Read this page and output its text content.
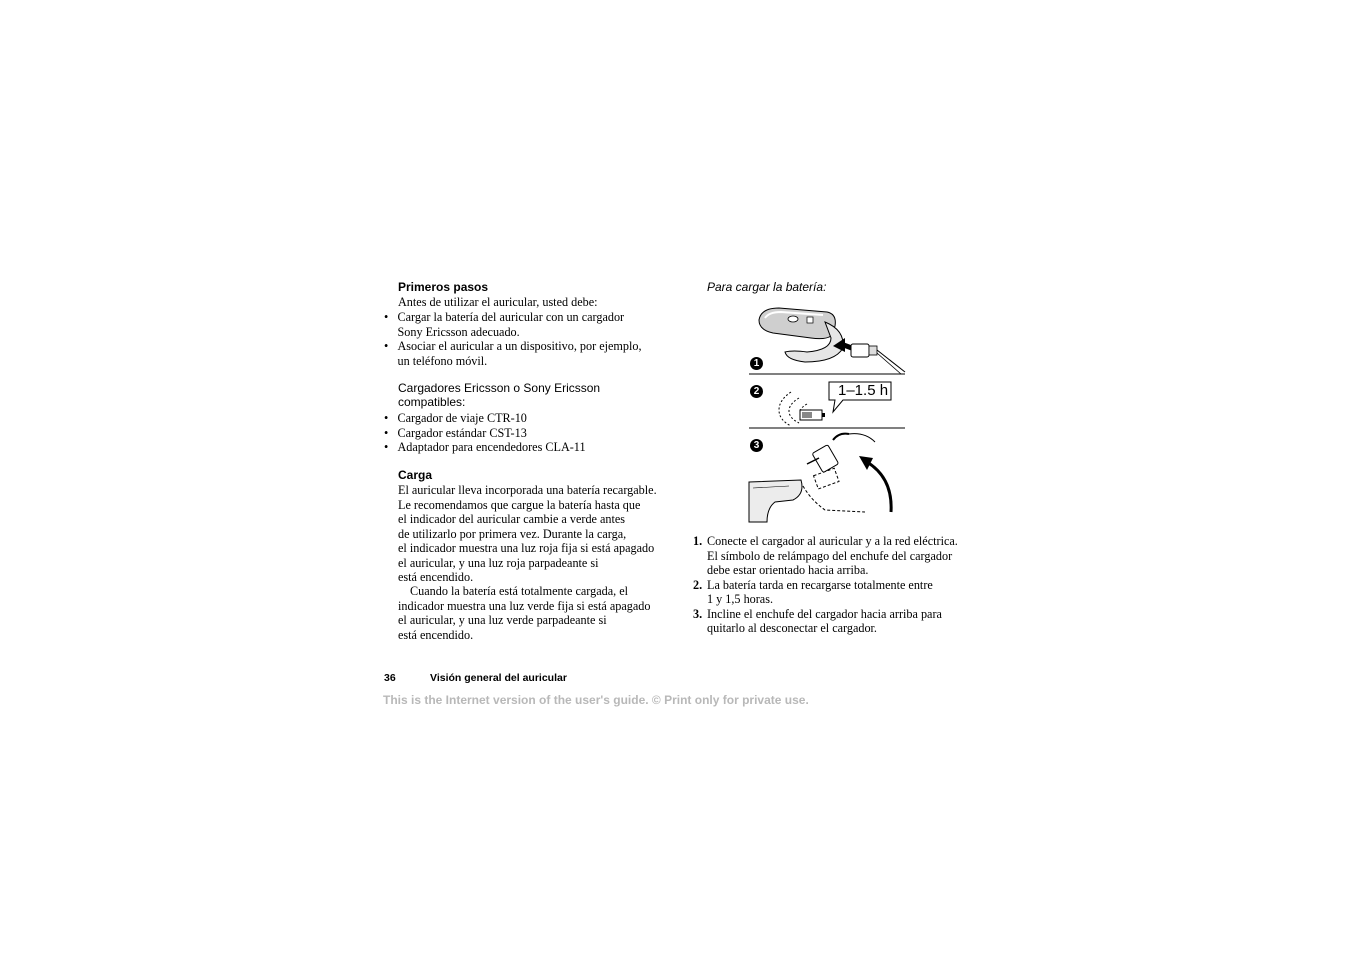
Primeros pasos
Antes de utilizar el auricular, usted debe:
• Cargar la batería del auricular con un cargador
Sony Ericsson adecuado.
• Asociar el auricular a un dispositivo, por ejemplo,
un teléfono móvil.
Cargadores Ericsson o Sony Ericsson
compatibles:
• Cargador de viaje CTR-10
• Cargador estándar CST-13
• Adaptador para encendedores CLA-11
Carga
El auricular lleva incorporada una batería recargable.
Le recomendamos que cargue la batería hasta que
el indicador del auricular cambie a verde antes
de utilizarlo por primera vez. Durante la carga,
el indicador muestra una luz roja fija si está apagado
el auricular, y una luz roja parpadeante si
está encendido.
Cuando la batería está totalmente cargada, el
indicador muestra una luz verde fija si está apagado
el auricular, y una luz verde parpadeante si
está encendido.
Para cargar la batería:
1
2
3
1–1.5 h
1. Conecte el cargador al auricular y a la red eléctrica.
El símbolo de relámpago del enchufe del cargador
debe estar orientado hacia arriba.
2. La batería tarda en recargarse totalmente entre
1 y 1,5 horas.
3. Incline el enchufe del cargador hacia arriba para
quitarlo al desconectar el cargador.
36	Visión general del auricular
This is the Internet version of the user's guide. © Print only for private use.
